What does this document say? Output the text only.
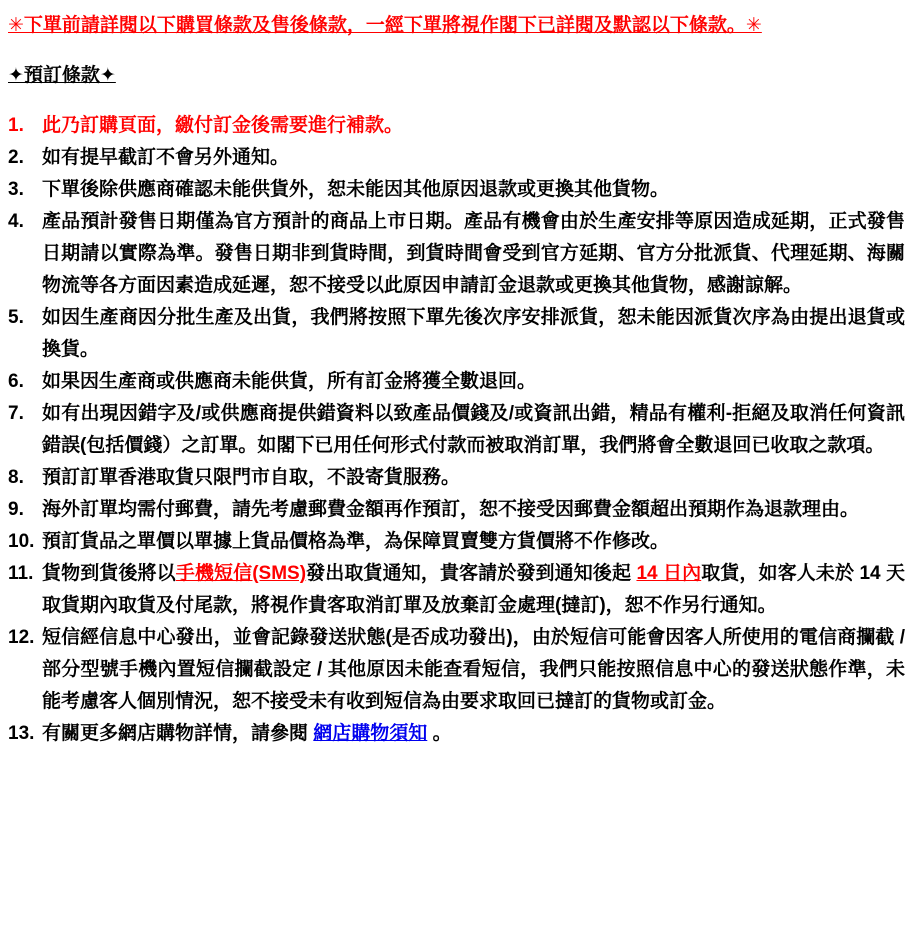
✳下單前請詳閱以下購買條款及售後條款，一經下單將視作閣下已詳閱及默認以下條款。✳
✦預訂條款✦
1. 此乃訂購頁面，繳付訂金後需要進行補款。
2. 如有提早截訂不會另外通知。
3. 下單後除供應商確認未能供貨外，恕未能因其他原因退款或更換其他貨物。
4. 產品預計發售日期僅為官方預計的商品上市日期。產品有機會由於生產安排等原因造成延期，正式發售日期請以實際為準。發售日期非到貨時間，到貨時間會受到官方延期、官方分批派貨、代理延期、海關物流等各方面因素造成延遲，恕不接受以此原因申請訂金退款或更換其他貨物，感謝諒解。
5. 如因生產商因分批生產及出貨，我們將按照下單先後次序安排派貨，恕未能因派貨次序為由提出退貨或換貨。
6. 如果因生產商或供應商未能供貨，所有訂金將獲全數退回。
7. 如有出現因錯字及/或供應商提供錯資料以致產品價錢及/或資訊出錯，精品有權利-拒絕及取消任何資訊錯誤(包括價錢）之訂單。如閣下已用任何形式付款而被取消訂單，我們將會全數退回已收取之款項。
8. 預訂訂單香港取貨只限門市自取，不設寄貨服務。
9. 海外訂單均需付郵費，請先考慮郵費金額再作預訂，恕不接受因郵費金額超出預期作為退款理由。
10. 預訂貨品之單價以單據上貨品價格為準，為保障買賣雙方貨價將不作修改。
11. 貨物到貨後將以手機短信(SMS)發出取貨通知，貴客請於發到通知後起 14 日內取貨，如客人未於 14 天取貨期內取貨及付尾款，將視作貴客取消訂單及放棄訂金處理(撻訂)，恕不作另行通知。
12. 短信經信息中心發出，並會記錄發送狀態(是否成功發出)，由於短信可能會因客人所使用的電信商攔截 / 部分型號手機內置短信攔截設定 / 其他原因未能查看短信，我們只能按照信息中心的發送狀態作準，未能考慮客人個別情況，恕不接受未有收到短信為由要求取回已撻訂的貨物或訂金。
13. 有關更多網店購物詳情，請參閱 網店購物須知 。
